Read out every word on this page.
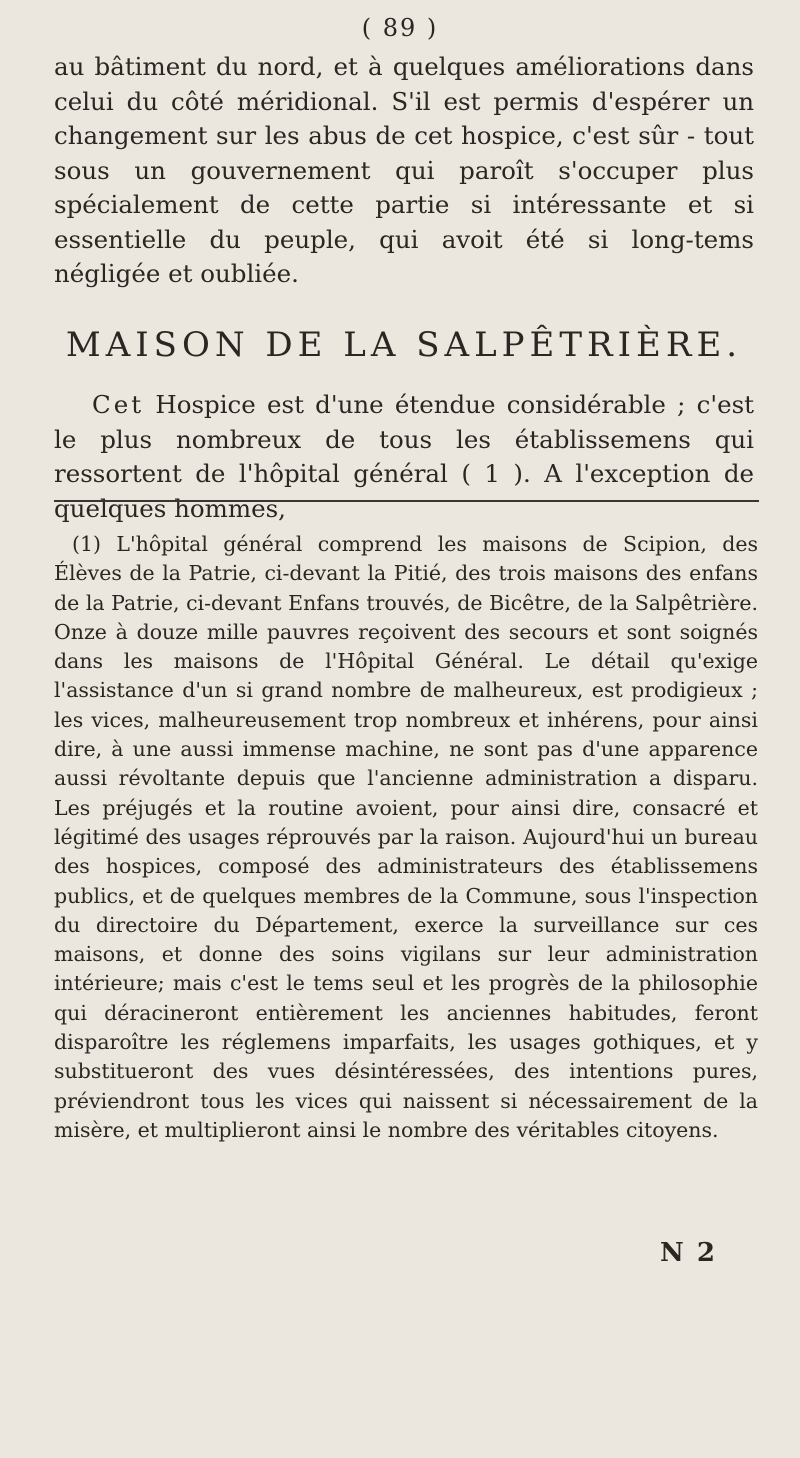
( 89 )

au bâtiment du nord, et à quelques améliorations dans celui du côté méridional. S'il est permis d'espérer un changement sur les abus de cet hospice, c'est sûr - tout sous un gouvernement qui paroît s'occuper plus spécialement de cette partie si intéressante et si essentielle du peuple, qui avoit été si long-tems négligée et oubliée.

MAISON DE LA SALPÊTRIÈRE.

Cet Hospice est d'une étendue considérable ; c'est le plus nombreux de tous les établissemens qui ressortent de l'hôpital général ( 1 ). A l'exception de quelques hommes,

(1) L'hôpital général comprend les maisons de Scipion, des Élèves de la Patrie, ci-devant la Pitié, des trois maisons des enfans de la Patrie, ci-devant Enfans trouvés, de Bicêtre, de la Salpêtrière. Onze à douze mille pauvres reçoivent des secours et sont soignés dans les maisons de l'Hôpital Général. Le détail qu'exige l'assistance d'un si grand nombre de malheureux, est prodigieux ; les vices, malheureusement trop nombreux et inhérens, pour ainsi dire, à une aussi immense machine, ne sont pas d'une apparence aussi révoltante depuis que l'ancienne administration a disparu. Les préjugés et la routine avoient, pour ainsi dire, consacré et légitimé des usages réprouvés par la raison. Aujourd'hui un bureau des hospices, composé des administrateurs des établissemens publics, et de quelques membres de la Commune, sous l'inspection du directoire du Département, exerce la surveillance sur ces maisons, et donne des soins vigilans sur leur administration intérieure; mais c'est le tems seul et les progrès de la philosophie qui déracineront entièrement les anciennes habitudes, feront disparoître les réglemens imparfaits, les usages gothiques, et y substitueront des vues désintéressées, des intentions pures, préviendront tous les vices qui naissent si nécessairement de la misère, et multiplieront ainsi le nombre des véritables citoyens.

N 2
